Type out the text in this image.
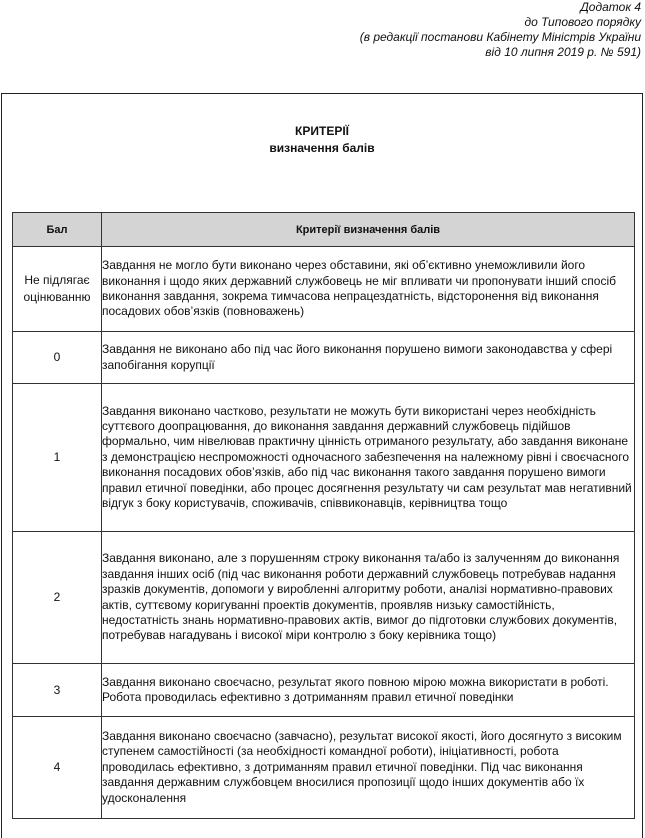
Додаток 4
до Типового порядку
(в редакції постанови Кабінету Міністрів України
від 10 липня 2019 р. № 591)
КРИТЕРІЇ
визначення балів
Бал	Критерії визначення балів
Не підлягає оцінюванню	Завдання не могло бути виконано через обставини, які об’єктивно унеможливили його виконання і щодо яких державний службовець не міг впливати чи пропонувати інший спосіб виконання завдання, зокрема тимчасова непрацездатність, відсторонення від виконання посадових обов’язків (повноважень)
0	Завдання не виконано або під час його виконання порушено вимоги законодавства у сфері запобігання корупції
1	Завдання виконано частково, результати не можуть бути використані через необхідність суттєвого доопрацювання, до виконання завдання державний службовець підійшов формально, чим нівелював практичну цінність отриманого результату, або завдання виконане з демонстрацією неспроможності одночасного забезпечення на належному рівні і своєчасного виконання посадових обов’язків, або під час виконання такого завдання порушено вимоги правил етичної поведінки, або процес досягнення результату чи сам результат мав негативний відгук з боку користувачів, споживачів, співвиконавців, керівництва тощо
2	Завдання виконано, але з порушенням строку виконання та/або із залученням до виконання завдання інших осіб (під час виконання роботи державний службовець потребував надання зразків документів, допомоги у виробленні алгоритму роботи, аналізі нормативно-правових актів, суттєвому коригуванні проектів документів, проявляв низьку самостійність, недостатність знань нормативно-правових актів, вимог до підготовки службових документів, потребував нагадувань і високої міри контролю з боку керівника тощо)
3	Завдання виконано своєчасно, результат якого повною мірою можна використати в роботі. Робота проводилась ефективно з дотриманням правил етичної поведінки
4	Завдання виконано своєчасно (завчасно), результат високої якості, його досягнуто з високим ступенем самостійності (за необхідності командної роботи), ініціативності, робота проводилась ефективно, з дотриманням правил етичної поведінки. Під час виконання завдання державним службовцем вносилися пропозиції щодо інших документів або їх удосконалення
